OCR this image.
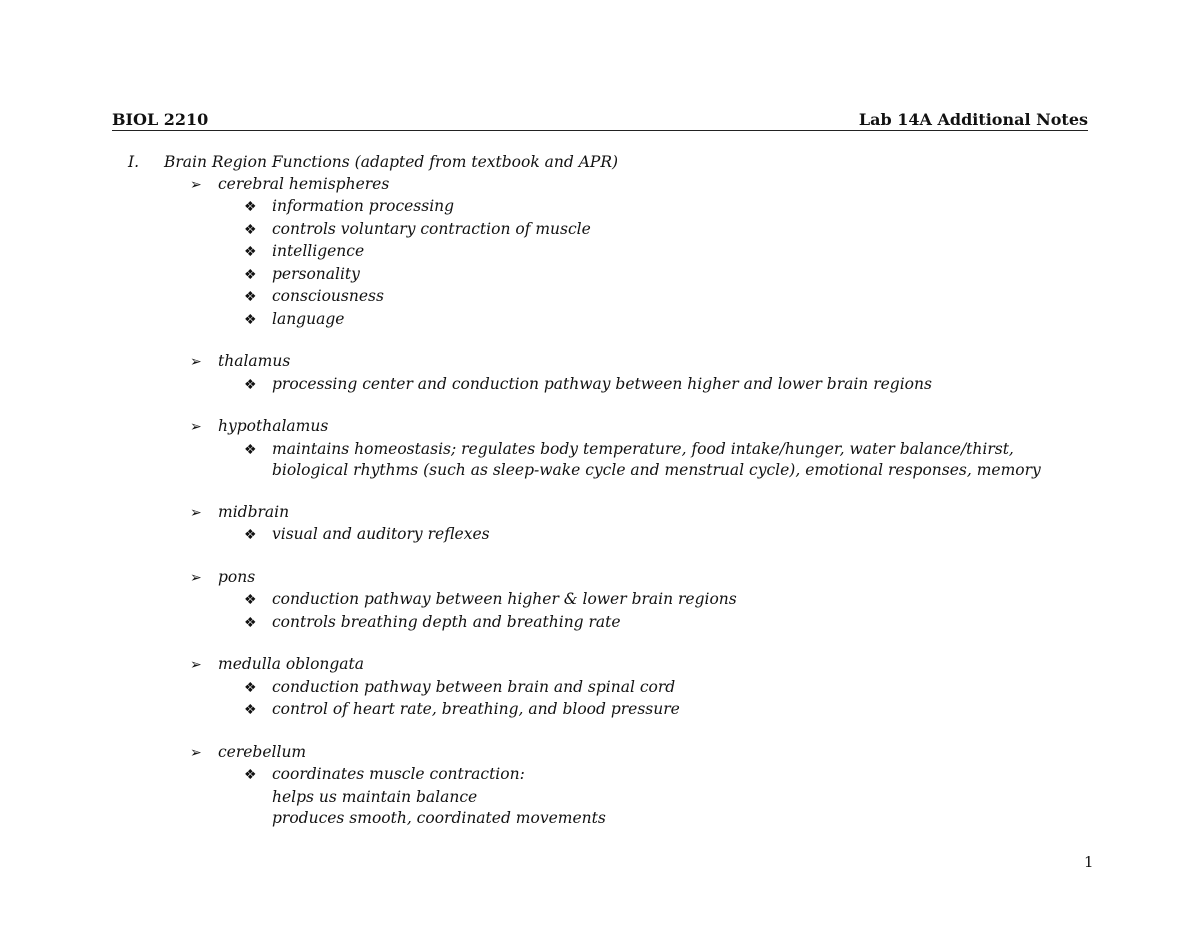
BIOL 2210	Lab 14A Additional Notes
I.	Brain Region Functions (adapted from textbook and APR)
➢	cerebral hemispheres
❖ information processing
❖ controls voluntary contraction of muscle
❖ intelligence
❖ personality
❖ consciousness
❖ language
➢	thalamus
❖ processing center and conduction pathway between higher and lower brain regions
➢	hypothalamus
❖ maintains homeostasis; regulates body temperature, food intake/hunger, water balance/thirst, biological rhythms (such as sleep-wake cycle and menstrual cycle), emotional responses, memory
➢	midbrain
❖ visual and auditory reflexes
➢	pons
❖ conduction pathway between higher & lower brain regions
❖ controls breathing depth and breathing rate
➢	medulla oblongata
❖ conduction pathway between brain and spinal cord
❖ control of heart rate, breathing, and blood pressure
➢	cerebellum
❖ coordinates muscle contraction:
helps us maintain balance
produces smooth, coordinated movements
1
